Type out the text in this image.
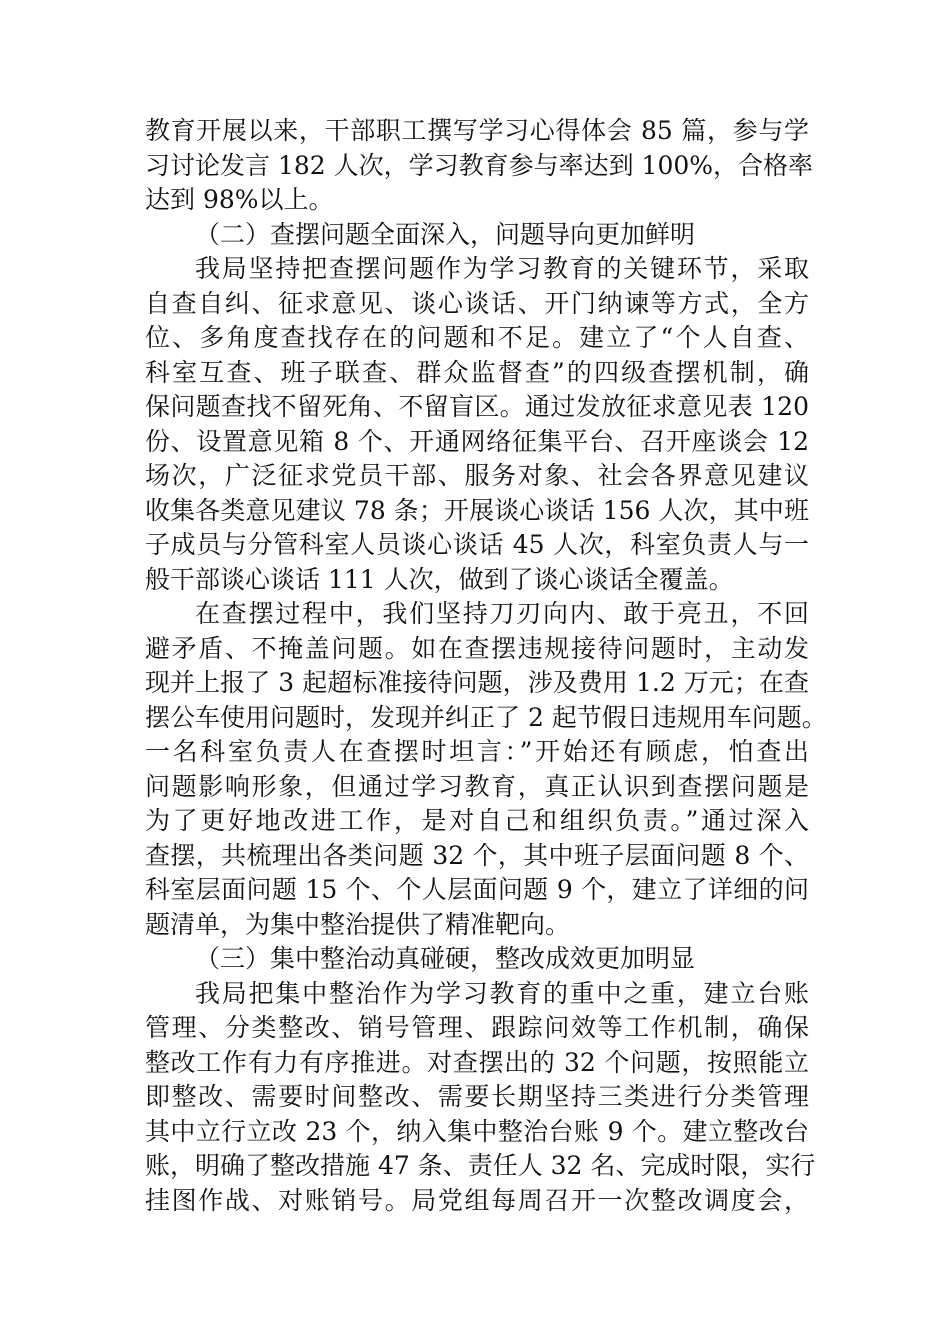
教育开展以来，干部职工撰写学习心得体会 85 篇，参与学
习讨论发言 182 人次，学习教育参与率达到 100%，合格率
达到 98%以上。
（二）查摆问题全面深入，问题导向更加鲜明
我局坚持把查摆问题作为学习教育的关键环节，采取
自查自纠、征求意见、谈心谈话、开门纳谏等方式，全方
位、多角度查找存在的问题和不足。建立了“个人自查、
科室互查、班子联查、群众监督查”的四级查摆机制，确
保问题查找不留死角、不留盲区。通过发放征求意见表 120
份、设置意见箱 8 个、开通网络征集平台、召开座谈会 12
场次，广泛征求党员干部、服务对象、社会各界意见建议
收集各类意见建议 78 条；开展谈心谈话 156 人次，其中班
子成员与分管科室人员谈心谈话 45 人次，科室负责人与一
般干部谈心谈话 111 人次，做到了谈心谈话全覆盖。
在查摆过程中，我们坚持刀刃向内、敢于亮丑，不回
避矛盾、不掩盖问题。如在查摆违规接待问题时，主动发
现并上报了 3 起超标准接待问题，涉及费用 1.2 万元；在查
摆公车使用问题时，发现并纠正了 2 起节假日违规用车问题。
一名科室负责人在查摆时坦言：”开始还有顾虑，怕查出
问题影响形象，但通过学习教育，真正认识到查摆问题是
为了更好地改进工作，是对自己和组织负责。”通过深入
查摆，共梳理出各类问题 32 个，其中班子层面问题 8 个、
科室层面问题 15 个、个人层面问题 9 个，建立了详细的问
题清单，为集中整治提供了精准靶向。
（三）集中整治动真碰硬，整改成效更加明显
我局把集中整治作为学习教育的重中之重，建立台账
管理、分类整改、销号管理、跟踪问效等工作机制，确保
整改工作有力有序推进。对查摆出的 32 个问题，按照能立
即整改、需要时间整改、需要长期坚持三类进行分类管理
其中立行立改 23 个，纳入集中整治台账 9 个。建立整改台
账，明确了整改措施 47 条、责任人 32 名、完成时限，实行
挂图作战、对账销号。局党组每周召开一次整改调度会，
